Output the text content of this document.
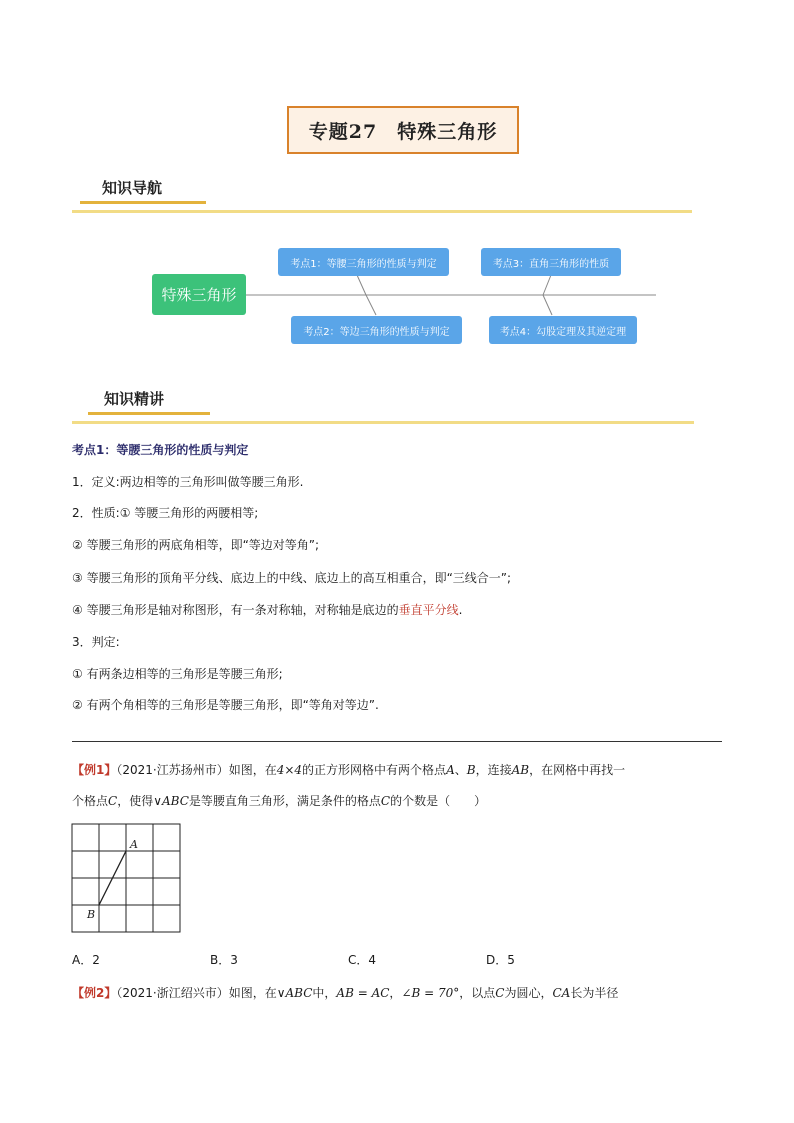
专题27　特殊三角形
知识导航
特殊三角形
考点1：等腰三角形的性质与判定
考点2：等边三角形的性质与判定
考点3：直角三角形的性质
考点4：勾股定理及其逆定理
知识精讲
考点1：等腰三角形的性质与判定
1．定义:两边相等的三角形叫做等腰三角形.
2．性质:① 等腰三角形的两腰相等;
② 等腰三角形的两底角相等，即“等边对等角”;
③ 等腰三角形的顶角平分线、底边上的中线、底边上的高互相重合，即“三线合一”;
④ 等腰三角形是轴对称图形，有一条对称轴，对称轴是底边的垂直平分线.
3．判定:
① 有两条边相等的三角形是等腰三角形;
② 有两个角相等的三角形是等腰三角形，即“等角对等边”.
【例1】（2021·江苏扬州市）如图，在4×4的正方形网格中有两个格点A、B，连接AB，在网格中再找一
个格点C，使得∨ABC是等腰直角三角形，满足条件的格点C的个数是（　　）
A
B
A．2	B．3	C．4	D．5
【例2】（2021·浙江绍兴市）如图，在∨ABC中，AB = AC，∠B = 70°，以点C为圆心，CA长为半径
